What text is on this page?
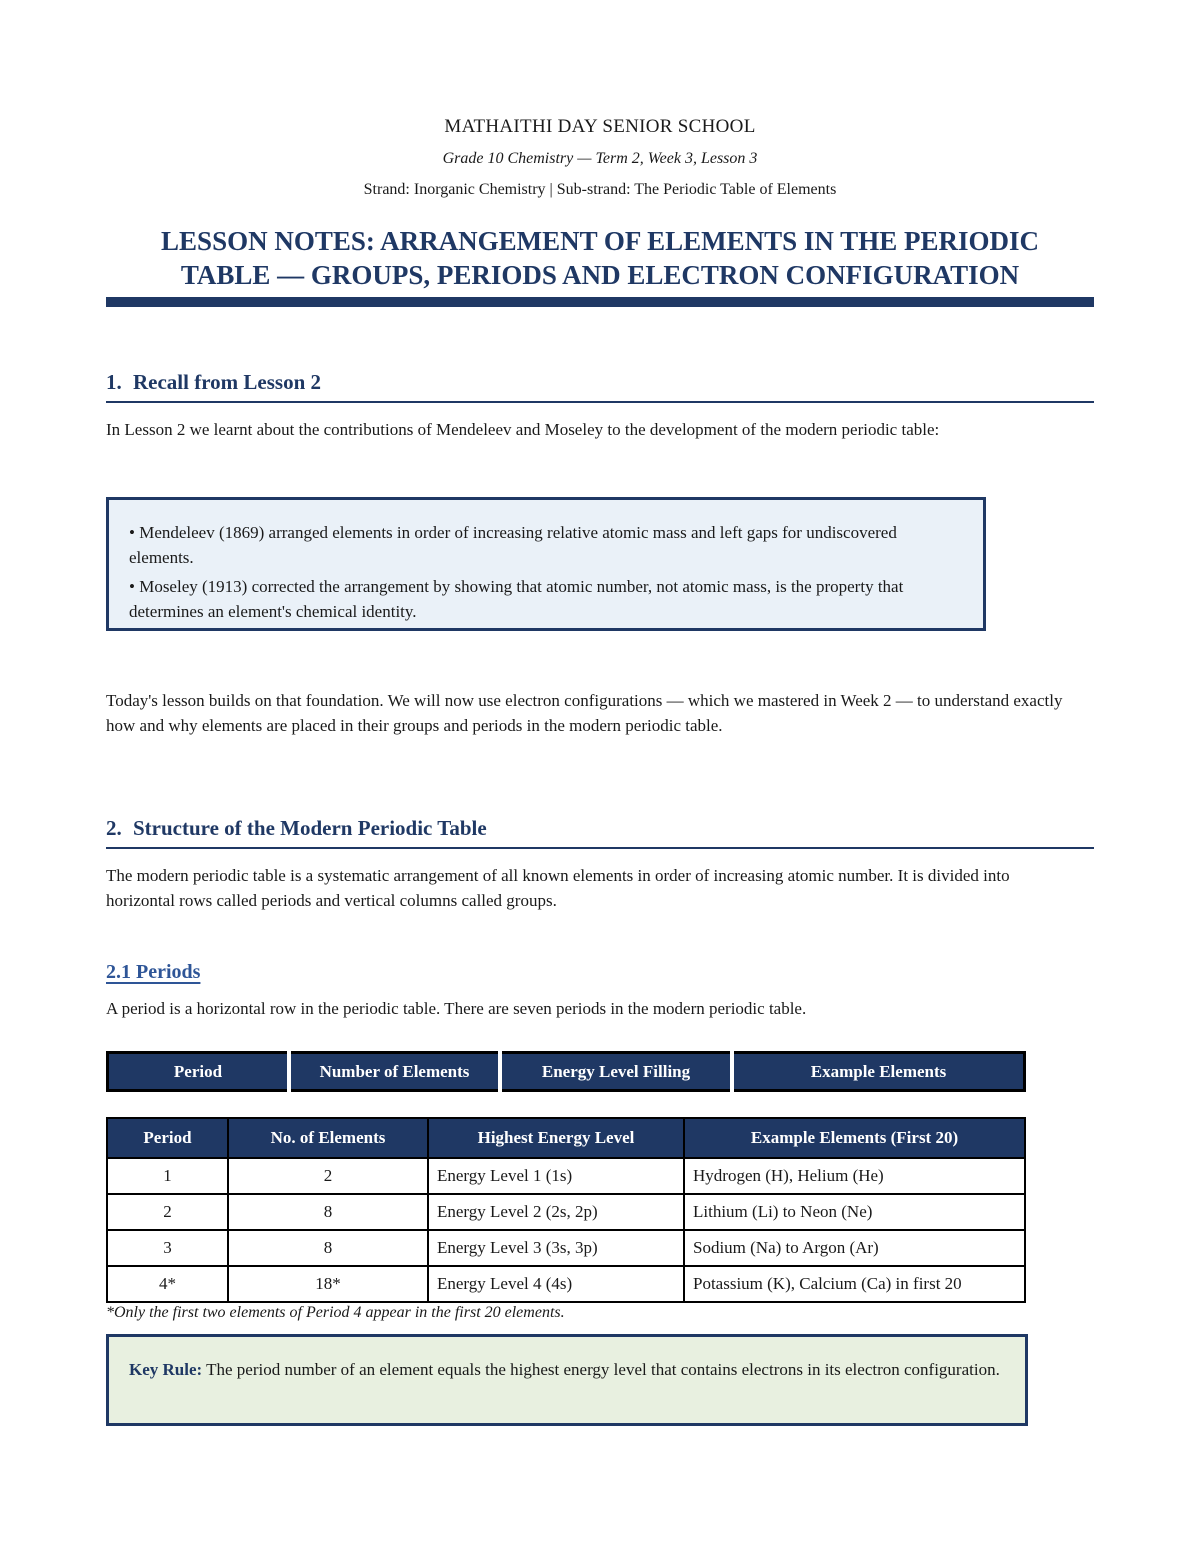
MATHAITHI DAY SENIOR SCHOOL
Grade 10 Chemistry — Term 2, Week 3, Lesson 3
Strand: Inorganic Chemistry | Sub-strand: The Periodic Table of Elements
LESSON NOTES: ARRANGEMENT OF ELEMENTS IN THE PERIODIC
TABLE — GROUPS, PERIODS AND ELECTRON CONFIGURATION
1. Recall from Lesson 2
In Lesson 2 we learnt about the contributions of Mendeleev and Moseley to the development of the modern periodic table:

• Mendeleev (1869) arranged elements in order of increasing relative atomic mass and left gaps for undiscovered elements.

• Moseley (1913) corrected the arrangement by showing that atomic number, not atomic mass, is the property that determines an element's chemical identity.

Today's lesson builds on that foundation. We will now use electron configurations — which we mastered in Week 2 — to understand exactly how and why elements are placed in their groups and periods in the modern periodic table.
2. Structure of the Modern Periodic Table
The modern periodic table is a systematic arrangement of all known elements in order of increasing atomic number. It is divided into horizontal rows called periods and vertical columns called groups.
2.1 Periods
A period is a horizontal row in the periodic table. There are seven periods in the modern periodic table.
Period	Number of Elements	Energy Level Filling	Example Elements
Period	No. of Elements	Highest Energy Level	Example Elements (First 20)
1	2	Energy Level 1 (1s)	Hydrogen (H), Helium (He)
2	8	Energy Level 2 (2s, 2p)	Lithium (Li) to Neon (Ne)
3	8	Energy Level 3 (3s, 3p)	Sodium (Na) to Argon (Ar)
4*	18*	Energy Level 4 (4s)	Potassium (K), Calcium (Ca) in first 20
*Only the first two elements of Period 4 appear in the first 20 elements.
Key Rule: The period number of an element equals the highest energy level that contains electrons in its electron configuration.
